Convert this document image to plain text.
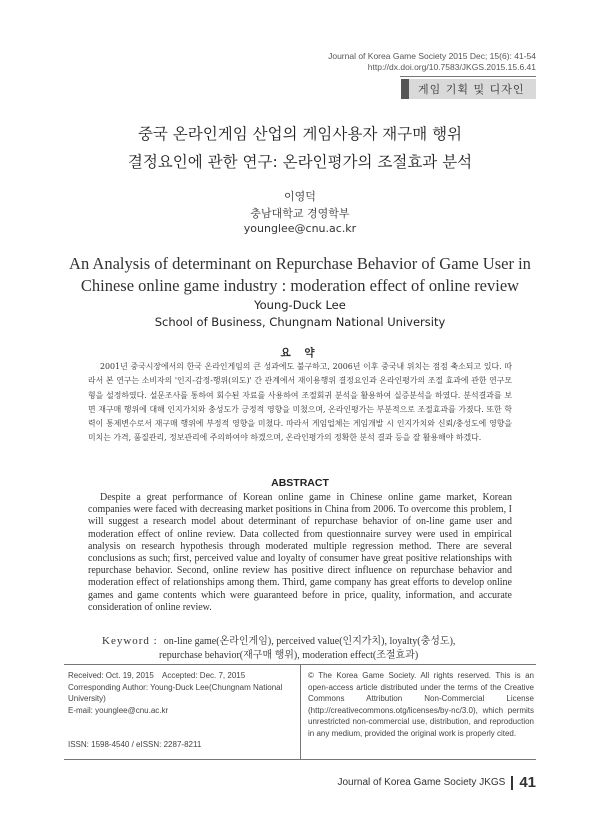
Journal of Korea Game Society 2015 Dec; 15(6): 41-54
http://dx.doi.org/10.7583/JKGS.2015.15.6.41
게임 기획 및 디자인
중국 온라인게임 산업의 게임사용자 재구매 행위
결정요인에 관한 연구: 온라인평가의 조절효과 분석
이영덕
충남대학교 경영학부
younglee@cnu.ac.kr
An Analysis of determinant on Repurchase Behavior of Game User in
Chinese online game industry : moderation effect of online review
Young-Duck Lee
School of Business, Chungnam National University
요 약

2001년 중국시장에서의 한국 온라인게임의 큰 성과에도 불구하고, 2006년 이후 중국내 위치는 점점 축소되고 있다. 따라서 본 연구는 소비자의 '인지-감정-행위(의도)' 간 관계에서 재이용행위 결정요인과 온라인평가의 조절 효과에 관한 연구모형을 설정하였다. 설문조사를 통하여 회수된 자료를 사용하여 조절회귀 분석을 활용하여 실증분석을 하였다. 분석결과를 보면 재구매 행위에 대해 인지가치와 충성도가 긍정적 영향을 미쳤으며, 온라인평가는 부분적으로 조절효과를 가졌다. 또한 학력이 통제변수로서 재구매 행위에 부정적 영향을 미쳤다. 따라서 게임업체는 게임개발 시 인지가치와 신뢰/충성도에 영향을 미치는 가격, 품질관리, 정보관리에 주의하여야 하겠으며, 온라인평가의 정확한 분석 결과 등을 잘 활용해야 하겠다.

ABSTRACT

Despite a great performance of Korean online game in Chinese online game market, Korean companies were faced with decreasing market positions in China from 2006. To overcome this problem, I will suggest a research model about determinant of repurchase behavior of on-line game user and moderation effect of online review. Data collected from questionnaire survey were used in empirical analysis on research hypothesis through moderated multiple regression method. There are several conclusions as such; first, perceived value and loyalty of consumer have great positive relationships with repurchase behavior. Second, online review has positive direct influence on repurchase behavior and moderation effect of relationships among them. Third, game company has great efforts to develop online games and game contents which were guaranteed before in price, quality, information, and accurate consideration of online review.

Keyword : on-line game(온라인게임), perceived value(인지가치), loyalty(충성도),
repurchase behavior(재구매 행위), moderation effect(조절효과)
Received: Oct. 19, 2015	Accepted: Dec. 7, 2015
Corresponding Author: Young-Duck Lee(Chungnam National University)
E-mail: younglee@cnu.ac.kr
ISSN: 1598-4540 / eISSN: 2287-8211
© The Korea Game Society. All rights reserved. This is an open-access article distributed under the terms of the Creative Commons Attribution Non-Commercial License (http://creativecommons.otg/licenses/by-nc/3.0), which permits unrestricted non-commercial use, distribution, and reproduction in any medium, provided the original work is properly cited.
Journal of Korea Game Society JKGS 41
